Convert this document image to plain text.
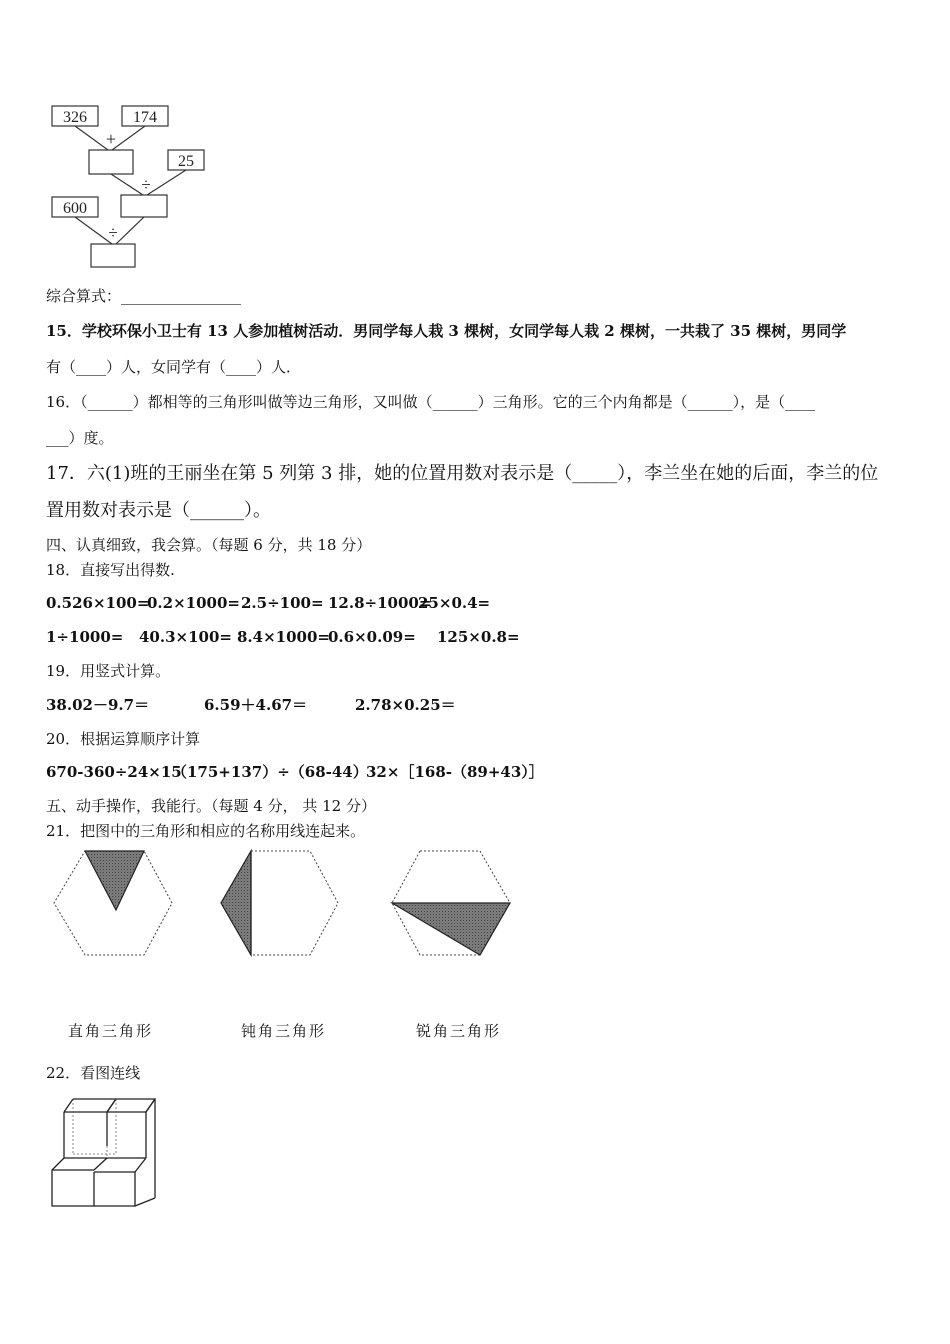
326	174
+
25
÷
600
÷
综合算式：________________
15．学校环保小卫士有 13 人参加植树活动．男同学每人栽 3 棵树，女同学每人栽 2 棵树，一共栽了 35 棵树，男同学
有（____）人，女同学有（____）人．
16．（______）都相等的三角形叫做等边三角形，又叫做（______）三角形。它的三个内角都是（______），是（____
___）度。
17．六(1)班的王丽坐在第 5 列第 3 排，她的位置用数对表示是（_____），李兰坐在她的后面，李兰的位
置用数对表示是（______）。
四、认真细致，我会算。（每题 6 分，共 18 分）
18．直接写出得数.
0.526×100=
0.2×1000= 2.5÷100= 12.8÷1000=
25×0.4=
1÷1000= 40.3×100= 8.4×1000=
0.6×0.09= 125×0.8=
19．用竖式计算。
38.02－9.7＝	6.59＋4.67＝	2.78×0.25＝
20．根据运算顺序计算
670-360÷24×15
（175+137）÷（68-44）
32×［168-（89+43）］
五、动手操作，我能行。（每题 4 分， 共 12 分）
21．把图中的三角形和相应的名称用线连起来。
直角三角形	钝角三角形	锐角三角形
22．看图连线
